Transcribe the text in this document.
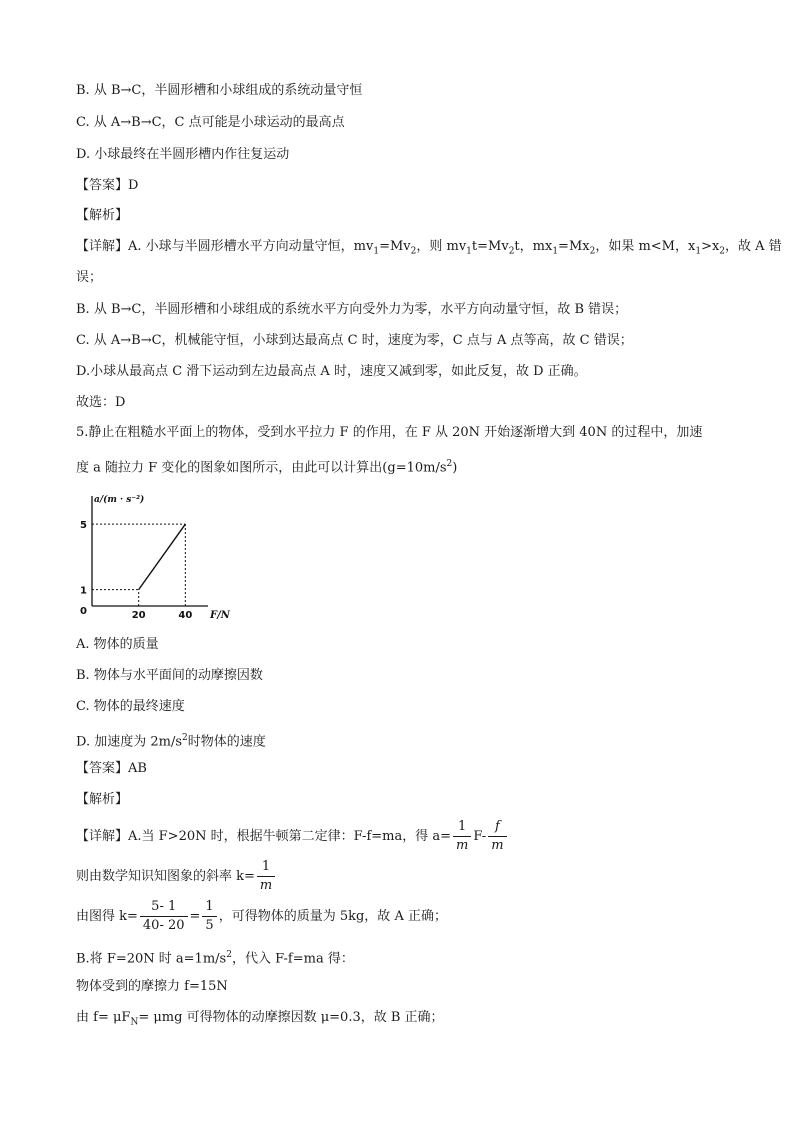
B. 从 B→C，半圆形槽和小球组成的系统动量守恒
C. 从 A→B→C，C 点可能是小球运动的最高点
D. 小球最终在半圆形槽内作往复运动
【答案】D
【解析】
【详解】A. 小球与半圆形槽水平方向动量守恒，$mv_1=Mv_2$，则 $mv_1t=Mv_2t$，$mx_1=Mx_2$，如果 m<M，$x_1>x_2$，故 A 错
误；
B. 从 B→C，半圆形槽和小球组成的系统水平方向受外力为零，水平方向动量守恒，故 B 错误；
C. 从 A→B→C，机械能守恒，小球到达最高点 C 时，速度为零，C 点与 A 点等高，故 C 错误；
D.小球从最高点 C 滑下运动到左边最高点 A 时，速度又减到零，如此反复，故 D 正确。
故选：D
5.静止在粗糙水平面上的物体，受到水平拉力 F 的作用，在 F 从 20N 开始逐渐增大到 40N 的过程中，加速
度 a 随拉力 F 变化的图象如图所示，由此可以计算出$(g=10m/s^2)$
a/(m · s⁻²)
F/N
0	20	40
1
5
A. 物体的质量
B. 物体与水平面间的动摩擦因数
C. 物体的最终速度
D. 加速度为 $2m/s^2$时物体的速度
【答案】AB
【解析】
【详解】A.当 F>20N 时，根据牛顿第二定律：F-f=ma，得 $a= \frac{1}{m} F- \frac{f}{m}$
则由数学知识知图象的斜率 $k= \frac{1}{m}$
由图得 $k= \frac{5- 1}{40- 20} = \frac{1}{5}$ ，可得物体的质量为 5kg，故 A 正确；
B.将 F=20N 时 $a=1m/s^2$，代入 F-f=ma 得：
物体受到的摩擦力 f=15N
由 $f= \mu F_N= \mu mg$ 可得物体的动摩擦因数 μ=0.3，故 B 正确；
